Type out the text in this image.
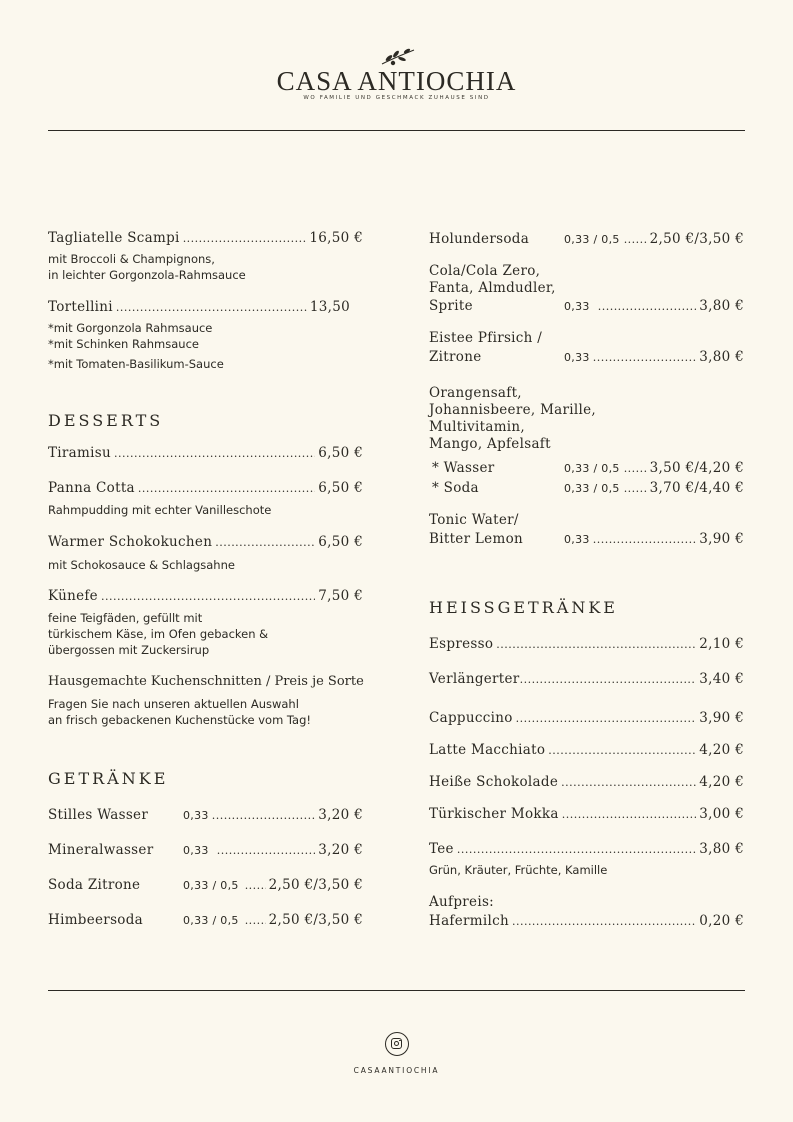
CASA ANTIOCHIA
WO FAMILIE UND GESCHMACK ZUHAUSE SIND
Tagliatelle Scampi .....	16,50 €
mit Broccoli & Champignons,
in leichter Gorgonzola-Rahmsauce
Tortellini .....	13,50
*mit Gorgonzola Rahmsauce
*mit Schinken Rahmsauce
*mit Tomaten-Basilikum-Sauce
DESSERTS
Tiramisu .....	6,50 €
Panna Cotta .....	6,50 €
Rahmpudding mit echter Vanilleschote
Warmer Schokokuchen .....	6,50 €
mit Schokosauce & Schlagsahne
Künefe .....	7,50 €
feine Teigfäden, gefüllt mit
türkischem Käse, im Ofen gebacken &
übergossen mit Zuckersirup
Hausgemachte Kuchenschnitten / Preis je Sorte
Fragen Sie nach unseren aktuellen Auswahl
an frisch gebackenen Kuchenstücke vom Tag!
GETRÄNKE
Stilles Wasser	0,33 .....	3,20 €
Mineralwasser	0,33 .....	3,20 €
Soda Zitrone	0,33 / 0,5 ..... 2,50 €/3,50 €
Himbeersoda	0,33 / 0,5 ..... 2,50 €/3,50 €
Holundersoda	0,33 / 0,5 ..... 2,50 €/3,50 €
Cola/Cola Zero,
Fanta, Almdudler,
Sprite	0,33 .....	3,80 €
Eistee Pfirsich /
Zitrone	0,33 .....	3,80 €
Orangensaft,
Johannisbeere, Marille,
Multivitamin,
Mango, Apfelsaft
* Wasser	0,33 / 0,5 ..... 3,50 €/4,20 €
* Soda	0,33 / 0,5 ..... 3,70 €/4,40 €
Tonic Water/
Bitter Lemon	0,33 .....	3,90 €
HEISSGETRÄNKE
Espresso .....	2,10 €
Verlängerter .....	3,40 €
Cappuccino .....	3,90 €
Latte Macchiato .....	4,20 €
Heiße Schokolade .....	4,20 €
Türkischer Mokka .....	3,00 €
Tee .....	3,80 €
Grün, Kräuter, Früchte, Kamille
Aufpreis:
Hafermilch .....	0,20 €
CASAANTIOCHIA
